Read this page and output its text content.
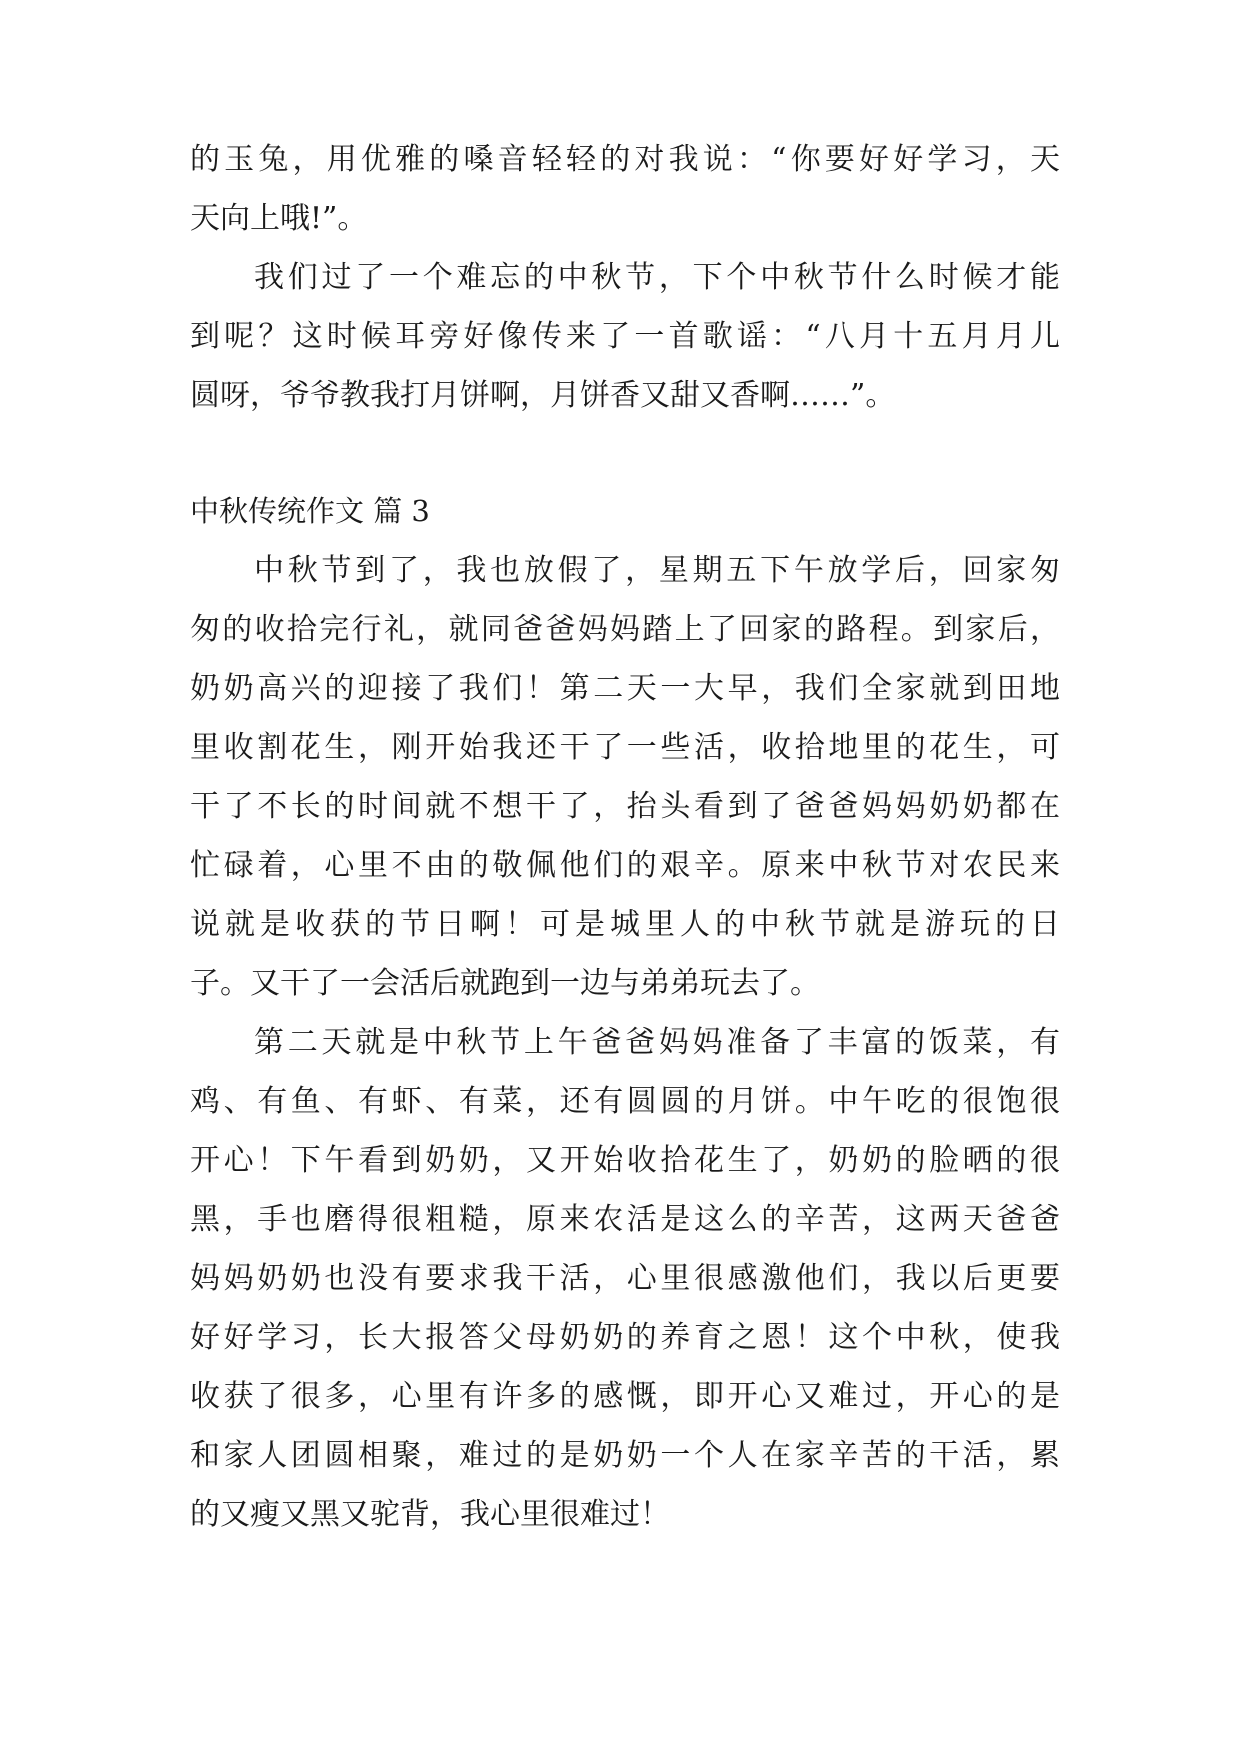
的玉兔，用优雅的嗓音轻轻的对我说：“你要好好学习，天
天向上哦!”。
我们过了一个难忘的中秋节，下个中秋节什么时候才能
到呢？这时候耳旁好像传来了一首歌谣：“八月十五月月儿
圆呀，爷爷教我打月饼啊，月饼香又甜又香啊……”。
中秋传统作文 篇 3
中秋节到了，我也放假了，星期五下午放学后，回家匆
匆的收拾完行礼，就同爸爸妈妈踏上了回家的路程。到家后，
奶奶高兴的迎接了我们！第二天一大早，我们全家就到田地
里收割花生，刚开始我还干了一些活，收拾地里的花生，可
干了不长的时间就不想干了，抬头看到了爸爸妈妈奶奶都在
忙碌着，心里不由的敬佩他们的艰辛。原来中秋节对农民来
说就是收获的节日啊！可是城里人的中秋节就是游玩的日
子。又干了一会活后就跑到一边与弟弟玩去了。
第二天就是中秋节上午爸爸妈妈准备了丰富的饭菜，有
鸡、有鱼、有虾、有菜，还有圆圆的月饼。中午吃的很饱很
开心！下午看到奶奶，又开始收拾花生了，奶奶的脸晒的很
黑，手也磨得很粗糙，原来农活是这么的辛苦，这两天爸爸
妈妈奶奶也没有要求我干活，心里很感激他们，我以后更要
好好学习，长大报答父母奶奶的养育之恩！这个中秋，使我
收获了很多，心里有许多的感慨，即开心又难过，开心的是
和家人团圆相聚，难过的是奶奶一个人在家辛苦的干活，累
的又瘦又黑又驼背，我心里很难过！
